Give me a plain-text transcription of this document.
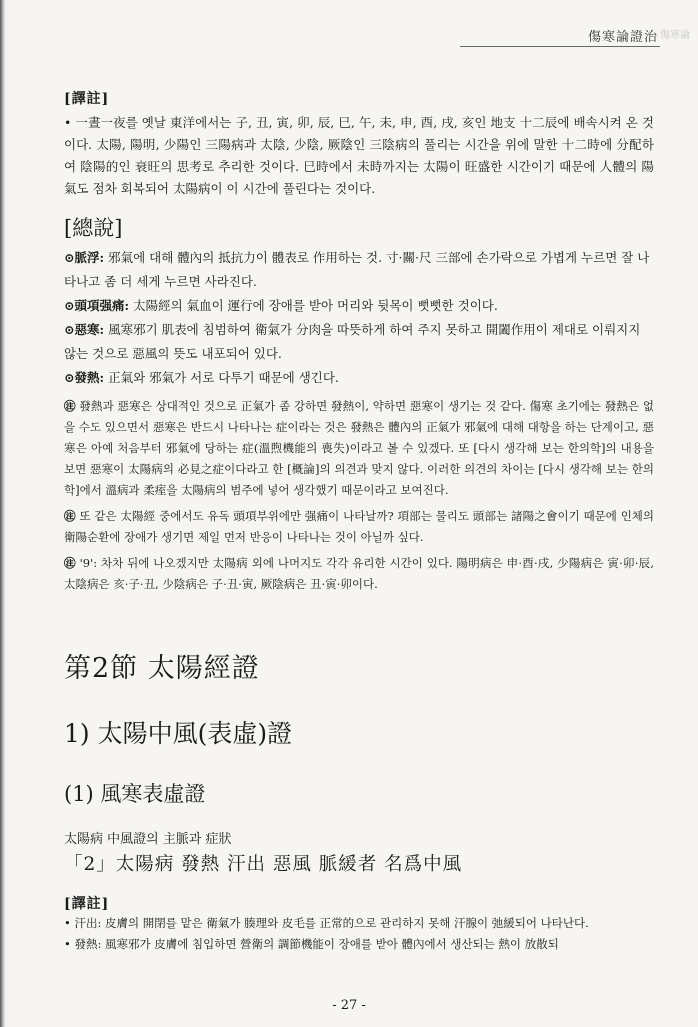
傷寒論證治 傷寒論
[譯註]
• 一晝一夜를 옛날 東洋에서는 子, 丑, 寅, 卯, 辰, 巳, 午, 未, 申, 酉, 戌, 亥인 地支 十二辰에 배속시켜 온 것이다. 太陽, 陽明, 少陽인 三陽病과 太陰, 少陰, 厥陰인 三陰病의 풀리는 시간을 위에 말한 十二時에 分配하여 陰陽的인 衰旺의 思考로 추리한 것이다. 巳時에서 未時까지는 太陽이 旺盛한 시간이기 때문에 人體의 陽氣도 점차 회복되어 太陽病이 이 시간에 풀린다는 것이다.
[總說]

⊙脈浮: 邪氣에 대해 體內의 抵抗力이 體表로 作用하는 것. 寸·關·尺 三部에 손가락으로 가볍게 누르면 잘 나타나고 좀 더 세게 누르면 사라진다.

⊙頭項强痛: 太陽經의 氣血이 運行에 장애를 받아 머리와 뒷목이 뻣뻣한 것이다.

⊙惡寒: 風寒邪기 肌表에 침범하여 衛氣가 分肉을 따뜻하게 하여 주지 못하고 開闔作用이 제대로 이뤄지지 않는 것으로 惡風의 뜻도 내포되어 있다.

⊙發熱: 正氣와 邪氣가 서로 다투기 때문에 생긴다.

㊟ 發熱과 惡寒은 상대적인 것으로 正氣가 좀 강하면 發熱이, 약하면 惡寒이 생기는 것 같다. 傷寒 초기에는 發熱은 없을 수도 있으면서 惡寒은 반드시 나타나는 症이라는 것은 發熱은 體內의 正氣가 邪氣에 대해 대항을 하는 단계이고, 惡寒은 아예 처음부터 邪氣에 당하는 症(溫煦機能의 喪失)이라고 볼 수 있겠다. 또 [다시 생각해 보는 한의학]의 내용을 보면 惡寒이 太陽病의 必見之症이다라고 한 [概論]의 의견과 맞지 않다. 이러한 의견의 차이는 [다시 생각해 보는 한의학]에서 溫病과 柔痓을 太陽病의 범주에 넣어 생각했기 때문이라고 보여진다.

㊟ 또 같은 太陽經 중에서도 유독 頭項부위에만 强痛이 나타날까? 項部는 물리도 頭部는 諸陽之會이기 때문에 인체의 衛陽순환에 장애가 생기면 제일 먼저 반응이 나타나는 것이 아닐까 싶다.

㊟ '9': 차차 뒤에 나오겠지만 太陽病 외에 나머지도 각각 유리한 시간이 있다. 陽明病은 申·酉·戌, 少陽病은 寅·卯·辰, 太陰病은 亥·子·丑, 少陰病은 子·丑·寅, 厥陰病은 丑·寅·卯이다.

第2節 太陽經證
1) 太陽中風(表虛)證
(1) 風寒表虛證
太陽病 中風證의 主脈과 症狀
「2」太陽病 發熱 汗出 惡風 脈緩者 名爲中風
[譯註]

• 汗出: 皮膚의 開閉를 맡은 衛氣가 腠理와 皮毛를 正常的으로 관리하지 못해 汗腺이 弛緩되어 나타난다.

• 發熱: 風寒邪가 皮膚에 침입하면 營衛의 調節機能이 장애를 받아 體內에서 생산되는 熱이 放散되

- 27 -
